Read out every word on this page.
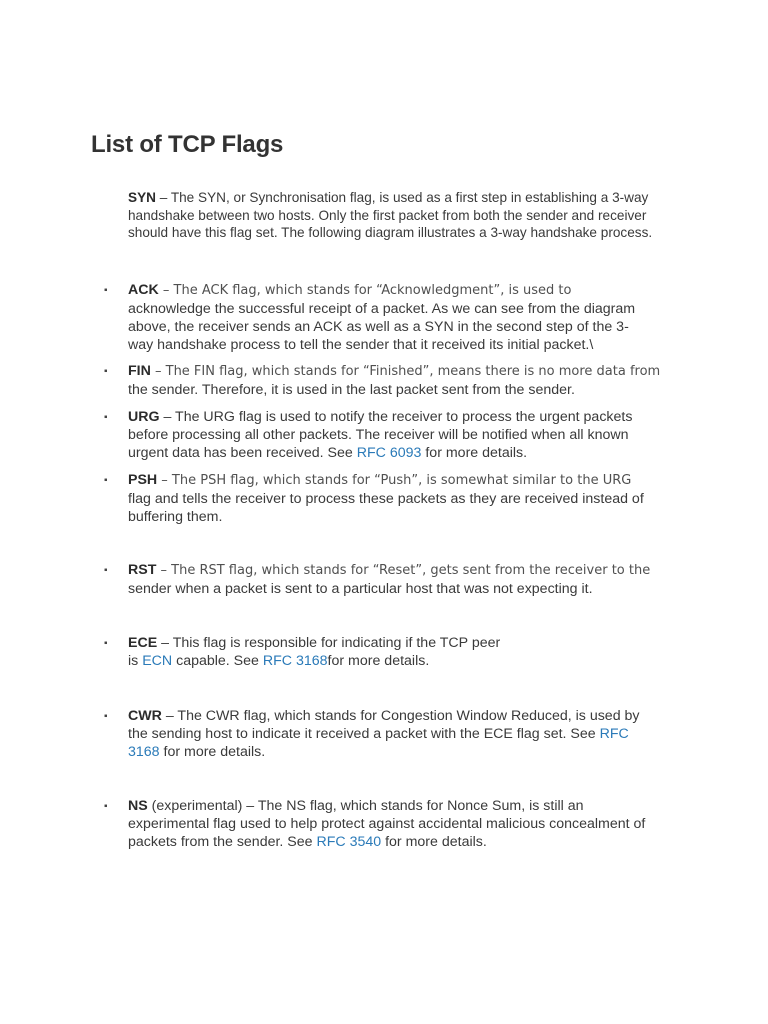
List of TCP Flags

SYN – The SYN, or Synchronisation flag, is used as a first step in establishing a 3-way
handshake between two hosts. Only the first packet from both the sender and receiver
should have this flag set. The following diagram illustrates a 3-way handshake process.

▪ ACK – The ACK flag, which stands for “Acknowledgment”, is used to
acknowledge the successful receipt of a packet. As we can see from the diagram
above, the receiver sends an ACK as well as a SYN in the second step of the 3-
way handshake process to tell the sender that it received its initial packet.\

▪ FIN – The FIN flag, which stands for “Finished”, means there is no more data from
the sender. Therefore, it is used in the last packet sent from the sender.

▪ URG – The URG flag is used to notify the receiver to process the urgent packets
before processing all other packets. The receiver will be notified when all known
urgent data has been received. See RFC 6093 for more details.

▪ PSH – The PSH flag, which stands for “Push”, is somewhat similar to the URG
flag and tells the receiver to process these packets as they are received instead of
buffering them.

▪ RST – The RST flag, which stands for “Reset”, gets sent from the receiver to the
sender when a packet is sent to a particular host that was not expecting it.

▪ ECE – This flag is responsible for indicating if the TCP peer
is ECN capable. See RFC 3168for more details.

▪ CWR – The CWR flag, which stands for Congestion Window Reduced, is used by
the sending host to indicate it received a packet with the ECE flag set. See RFC
3168 for more details.

▪ NS (experimental) – The NS flag, which stands for Nonce Sum, is still an
experimental flag used to help protect against accidental malicious concealment of
packets from the sender. See RFC 3540 for more details.
